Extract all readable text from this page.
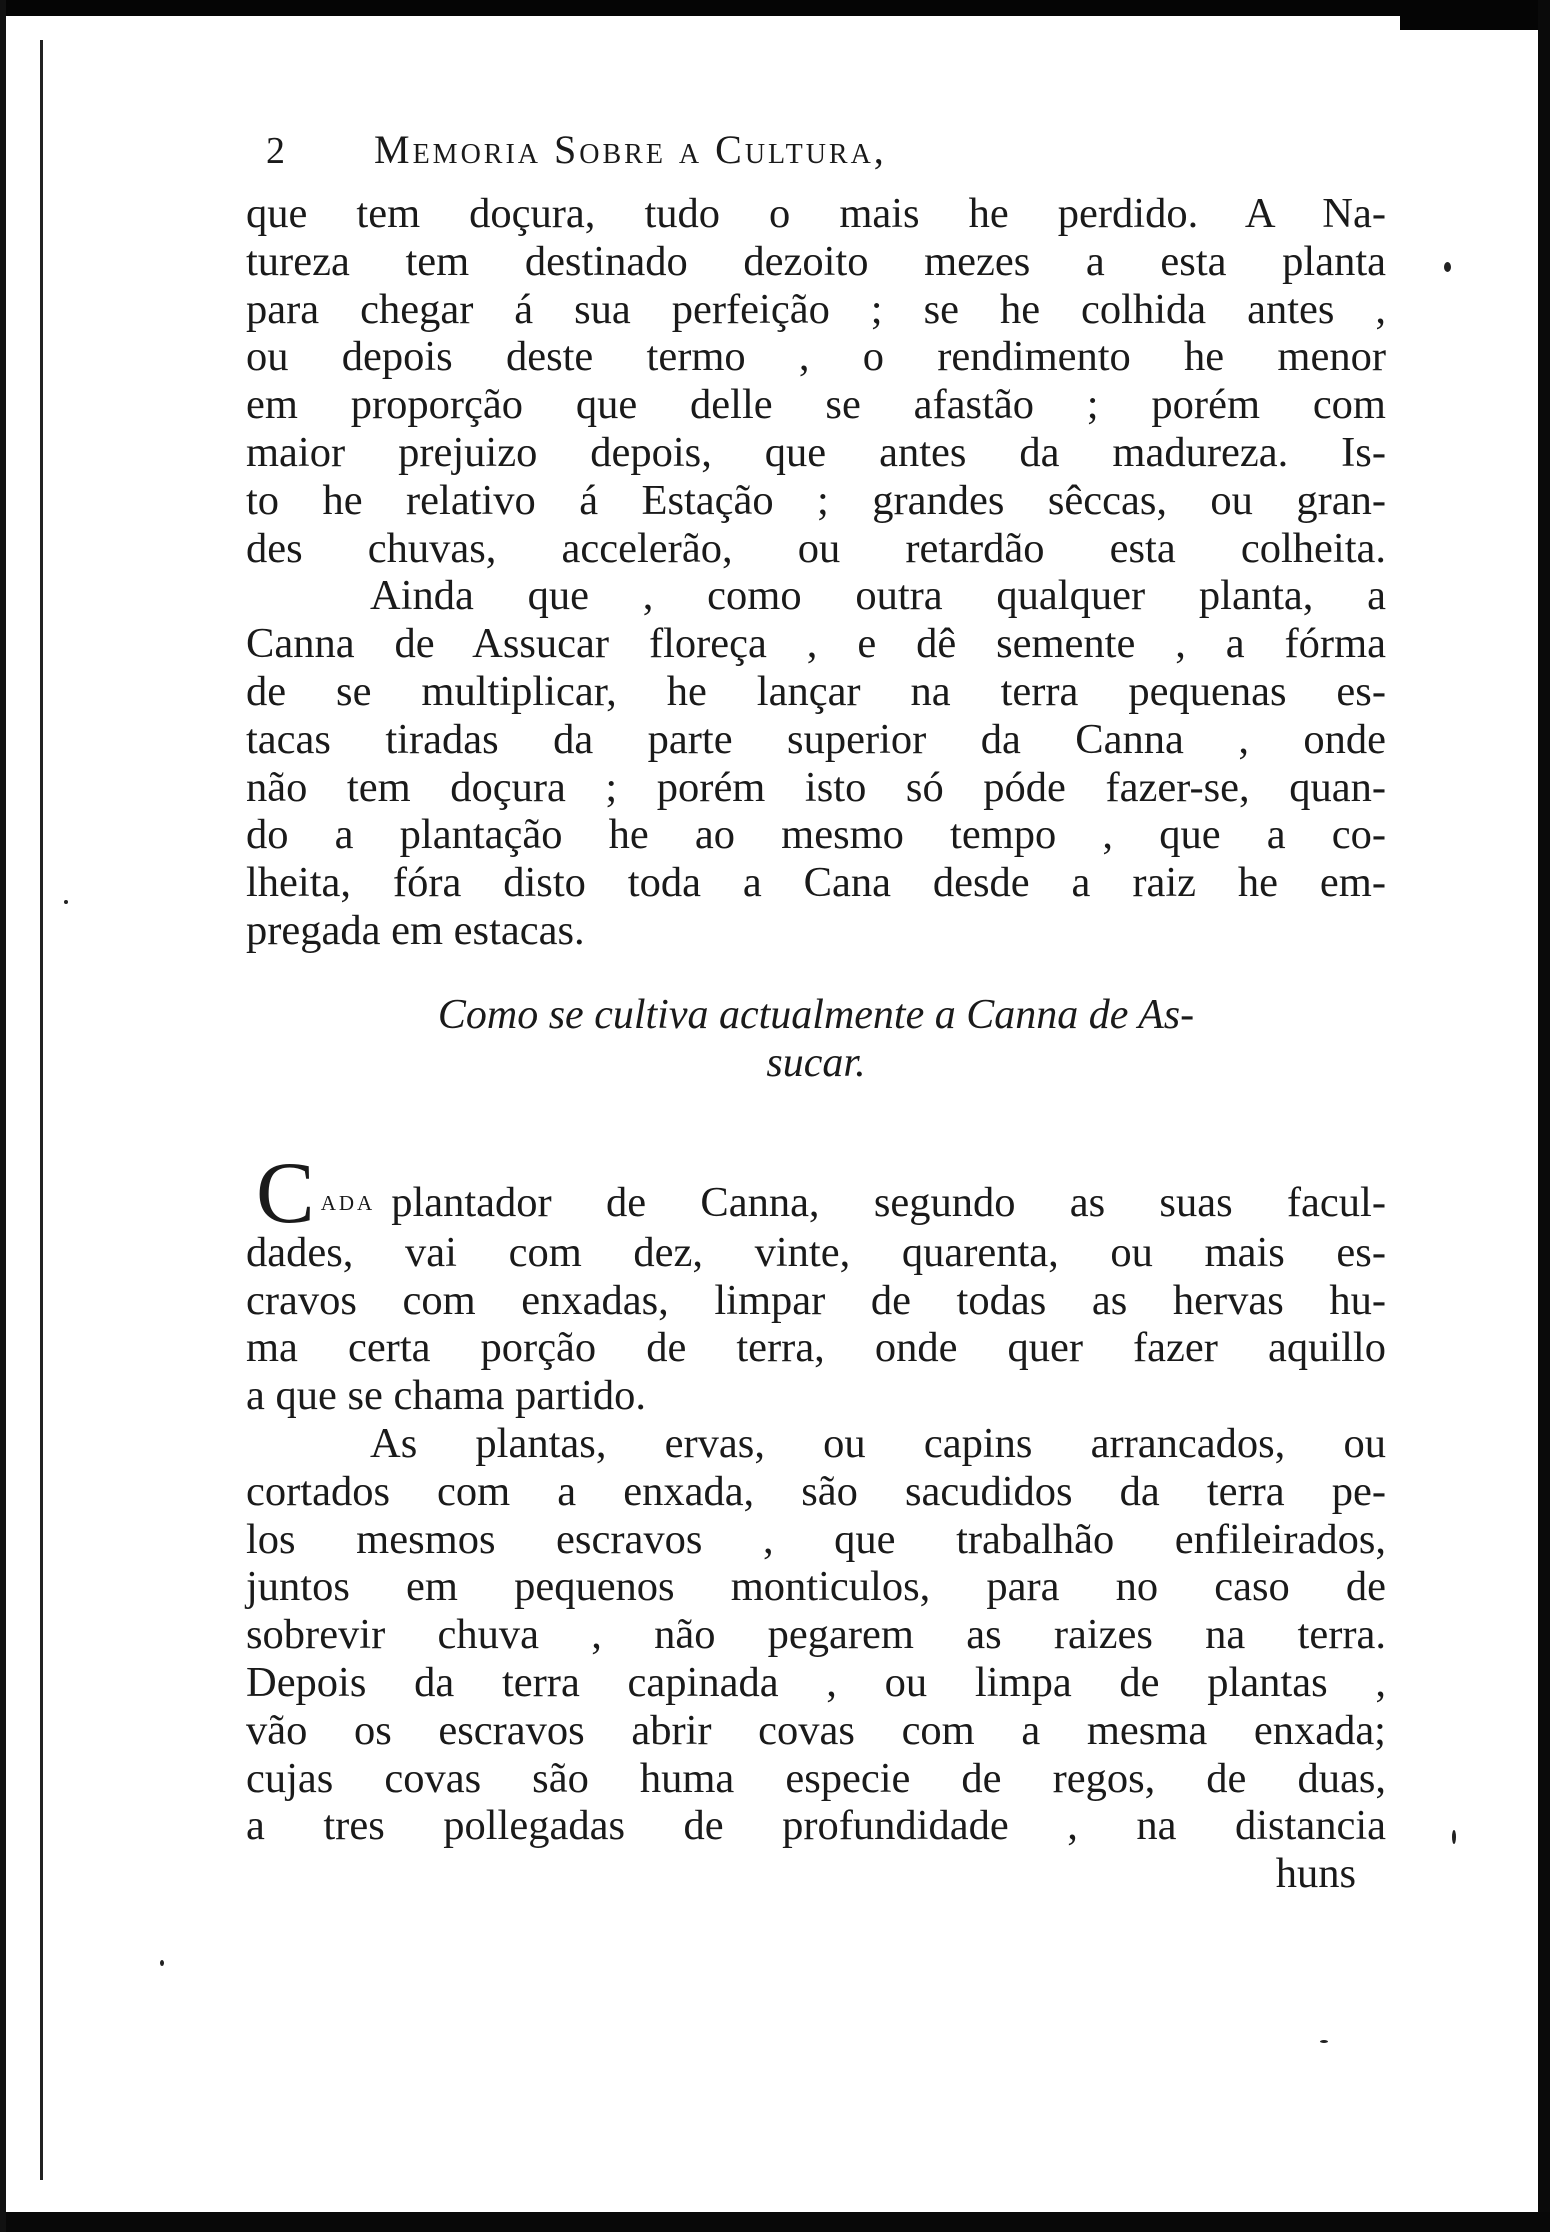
2	Memoria Sobre a Cultura,
que tem doçura, tudo o mais he perdido. A Na-
tureza tem destinado dezoito mezes a esta planta
para chegar á sua perfeição ; se he colhida antes ,
ou depois deste termo , o rendimento he menor
em proporção que delle se afastão ; porém com
maior prejuizo depois, que antes da madureza. Is-
to he relativo á Estação ; grandes sêccas, ou gran-
des chuvas, accelerão, ou retardão esta colheita.
Ainda que , como outra qualquer planta, a
Canna de Assucar floreça , e dê semente , a fórma
de se multiplicar, he lançar na terra pequenas es-
tacas tiradas da parte superior da Canna , onde
não tem doçura ; porém isto só póde fazer-se, quan-
do a plantação he ao mesmo tempo , que a co-
lheita, fóra disto toda a Cana desde a raiz he em-
pregada em estacas.
Como se cultiva actualmente a Canna de As-
sucar.
C ada plantador de Canna, segundo as suas facul-
dades, vai com dez, vinte, quarenta, ou mais es-
cravos com enxadas, limpar de todas as hervas hu-
ma certa porção de terra, onde quer fazer aquillo
a que se chama partido.
As plantas, ervas, ou capins arrancados, ou
cortados com a enxada, são sacudidos da terra pe-
los mesmos escravos , que trabalhão enfileirados,
juntos em pequenos monticulos, para no caso de
sobrevir chuva , não pegarem as raizes na terra.
Depois da terra capinada , ou limpa de plantas ,
vão os escravos abrir covas com a mesma enxada;
cujas covas são huma especie de regos, de duas,
a tres pollegadas de profundidade , na distancia
huns
